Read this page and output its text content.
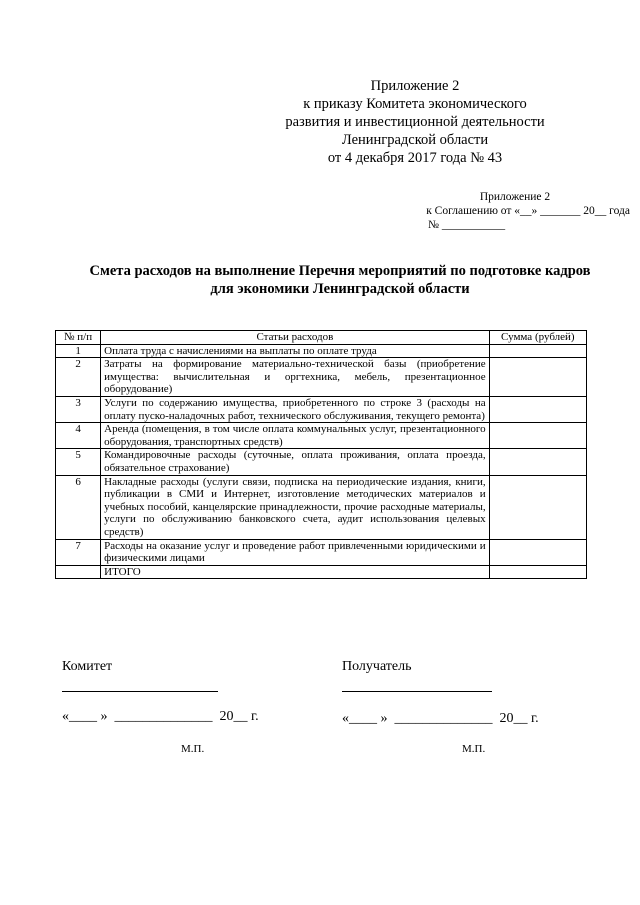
Приложение 2
к приказу Комитета экономического
развития и инвестиционной деятельности
Ленинградской области
от 4 декабря 2017 года № 43
Приложение 2
к Соглашению от «__» _______ 20__ года
№ ___________
Смета расходов на выполнение Перечня мероприятий по подготовке кадров
для экономики Ленинградской области
№ п/п	Статьи расходов	Сумма (рублей)
1	Оплата труда с начислениями на выплаты по оплате труда	
2	Затраты на формирование материально-технической базы (приобретение имущества: вычислительная и оргтехника, мебель, презентационное оборудование)	
3	Услуги по содержанию имущества, приобретенного по строке 3 (расходы на оплату пуско-наладочных работ, технического обслуживания, текущего ремонта)	
4	Аренда (помещения, в том числе оплата коммунальных услуг, презентационного оборудования, транспортных средств)	
5	Командировочные расходы (суточные, оплата проживания, оплата проезда, обязательное страхование)	
6	Накладные расходы (услуги связи, подписка на периодические издания, книги, публикации в СМИ и Интернет, изготовление методических материалов и учебных пособий, канцелярские принадлежности, прочие расходные материалы, услуги по обслуживанию банковского счета, аудит использования целевых средств)	
7	Расходы на оказание услуг и проведение работ привлеченными юридическими и физическими лицами	
	ИТОГО	
Комитет
«____ »  ______________  20__ г.
М.П.
Получатель
«____ »  ______________  20__ г.
М.П.
